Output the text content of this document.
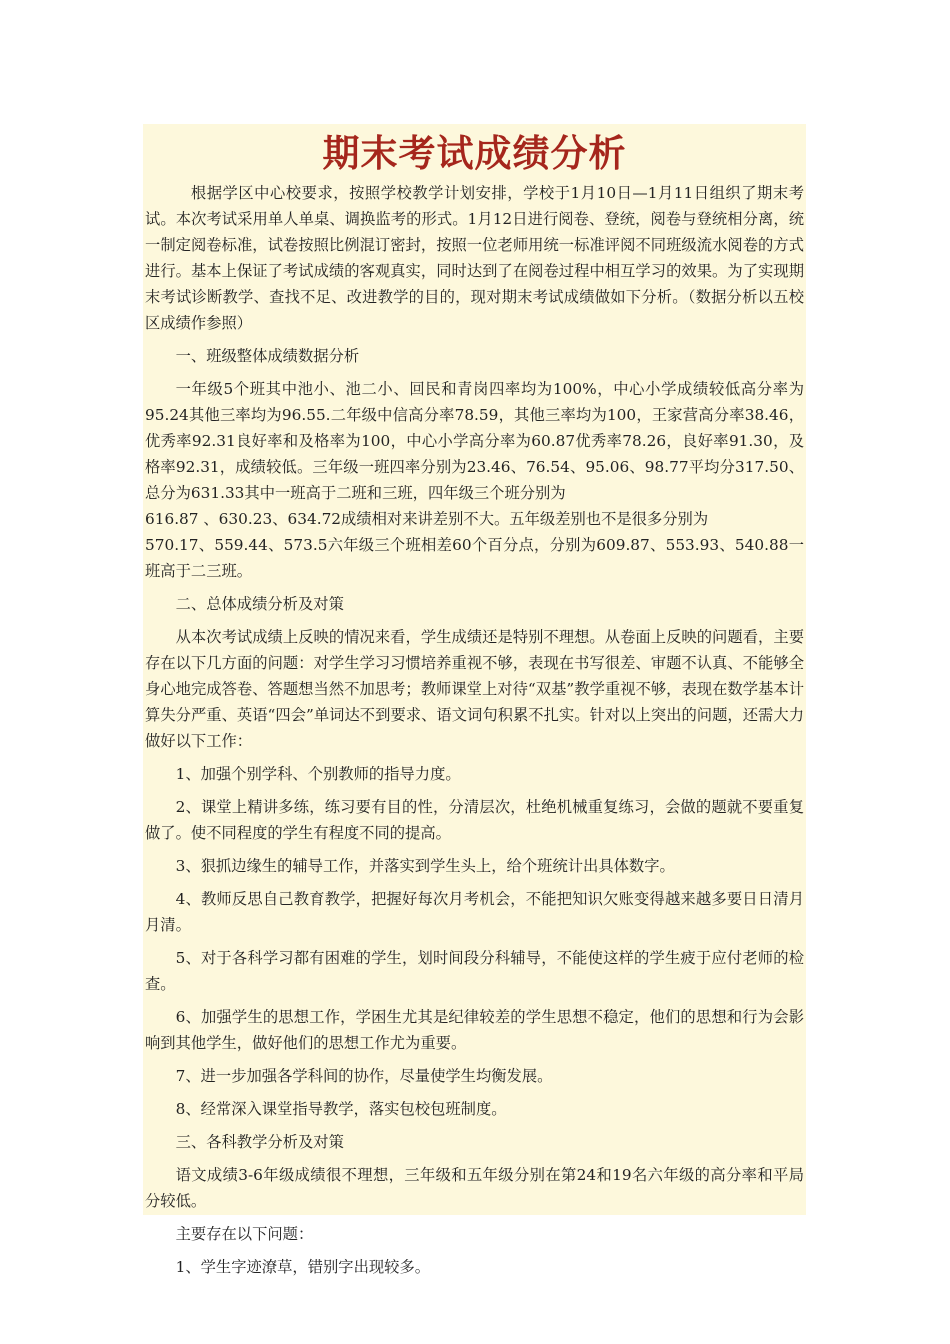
期末考试成绩分析

根据学区中心校要求，按照学校教学计划安排，学校于1月10日—1月11日组织了期末考试。本次考试采用单人单桌、调换监考的形式。1月12日进行阅卷、登统，阅卷与登统相分离，统一制定阅卷标准，试卷按照比例混订密封，按照一位老师用统一标准评阅不同班级流水阅卷的方式进行。基本上保证了考试成绩的客观真实，同时达到了在阅卷过程中相互学习的效果。为了实现期末考试诊断教学、查找不足、改进教学的目的，现对期末考试成绩做如下分析。（数据分析以五校区成绩作参照）

一、班级整体成绩数据分析

一年级5个班其中池小、池二小、回民和青岗四率均为100%，中心小学成绩较低高分率为95.24其他三率均为96.55.二年级中信高分率78.59，其他三率均为100，王家营高分率38.46，优秀率92.31良好率和及格率为100，中心小学高分率为60.87优秀率78.26，良好率91.30，及格率92.31，成绩较低。三年级一班四率分别为23.46、76.54、95.06、98.77平均分317.50、总分为631.33其中一班高于二班和三班，四年级三个班分别为

616.87 、630.23、634.72成绩相对来讲差别不大。五年级差别也不是很多分别为

570.17、559.44、573.5六年级三个班相差60个百分点，分别为609.87、553.93、540.88一班高于二三班。

二、总体成绩分析及对策

从本次考试成绩上反映的情况来看，学生成绩还是特别不理想。从卷面上反映的问题看，主要存在以下几方面的问题：对学生学习习惯培养重视不够，表现在书写很差、审题不认真、不能够全身心地完成答卷、答题想当然不加思考；教师课堂上对待“双基”教学重视不够，表现在数学基本计算失分严重、英语“四会”单词达不到要求、语文词句积累不扎实。针对以上突出的问题，还需大力做好以下工作：

1、加强个别学科、个别教师的指导力度。

2、课堂上精讲多练，练习要有目的性，分清层次，杜绝机械重复练习，会做的题就不要重复做了。使不同程度的学生有程度不同的提高。

3、狠抓边缘生的辅导工作，并落实到学生头上，给个班统计出具体数字。

4、教师反思自己教育教学，把握好每次月考机会，不能把知识欠账变得越来越多要日日清月月清。

5、对于各科学习都有困难的学生，划时间段分科辅导，不能使这样的学生疲于应付老师的检查。

6、加强学生的思想工作，学困生尤其是纪律较差的学生思想不稳定，他们的思想和行为会影响到其他学生，做好他们的思想工作尤为重要。

7、进一步加强各学科间的协作，尽量使学生均衡发展。

8、经常深入课堂指导教学，落实包校包班制度。

三、各科教学分析及对策

语文成绩3-6年级成绩很不理想，三年级和五年级分别在第24和19名六年级的高分率和平局分较低。

主要存在以下问题：

1、学生字迹潦草，错别字出现较多。
